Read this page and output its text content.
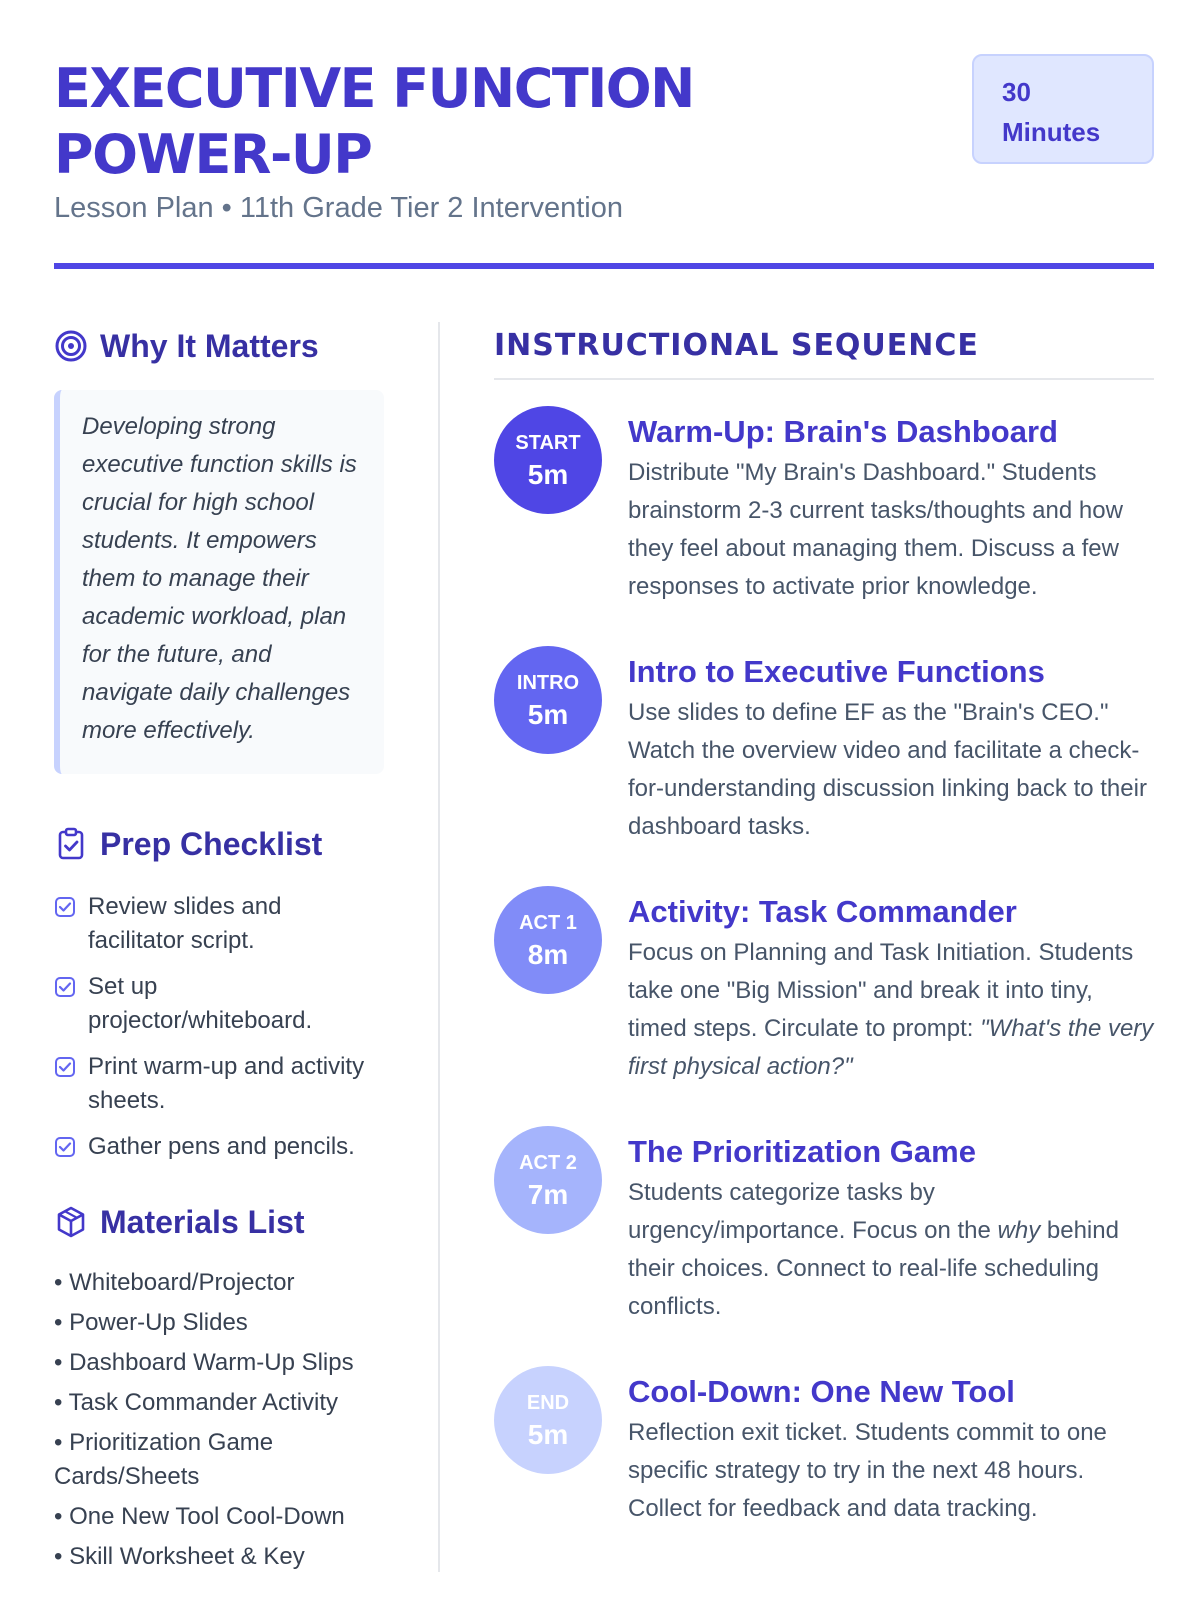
EXECUTIVE FUNCTION POWER-UP
Lesson Plan • 11th Grade Tier 2 Intervention
30 Minutes
Why It Matters

Developing strong executive function skills is crucial for high school students. It empowers them to manage their academic workload, plan for the future, and navigate daily challenges more effectively.

Prep Checklist
Review slides and facilitator script.
Set up projector/whiteboard.
Print warm-up and activity sheets.
Gather pens and pencils.
Materials List
• Whiteboard/Projector
• Power-Up Slides
• Dashboard Warm-Up Slips
• Task Commander Activity
• Prioritization Game Cards/Sheets
• One New Tool Cool-Down
• Skill Worksheet & Key
INSTRUCTIONAL SEQUENCE
START
5m
Warm-Up: Brain's Dashboard

Distribute "My Brain's Dashboard." Students brainstorm 2-3 current tasks/thoughts and how they feel about managing them. Discuss a few responses to activate prior knowledge.

INTRO
5m
Intro to Executive Functions

Use slides to define EF as the "Brain's CEO." Watch the overview video and facilitate a check-for-understanding discussion linking back to their dashboard tasks.

ACT 1
8m
Activity: Task Commander

Focus on Planning and Task Initiation. Students take one "Big Mission" and break it into tiny, timed steps. Circulate to prompt: "What's the very first physical action?"

ACT 2
7m
The Prioritization Game

Students categorize tasks by urgency/importance. Focus on the why behind their choices. Connect to real-life scheduling conflicts.

END
5m
Cool-Down: One New Tool

Reflection exit ticket. Students commit to one specific strategy to try in the next 48 hours. Collect for feedback and data tracking.
